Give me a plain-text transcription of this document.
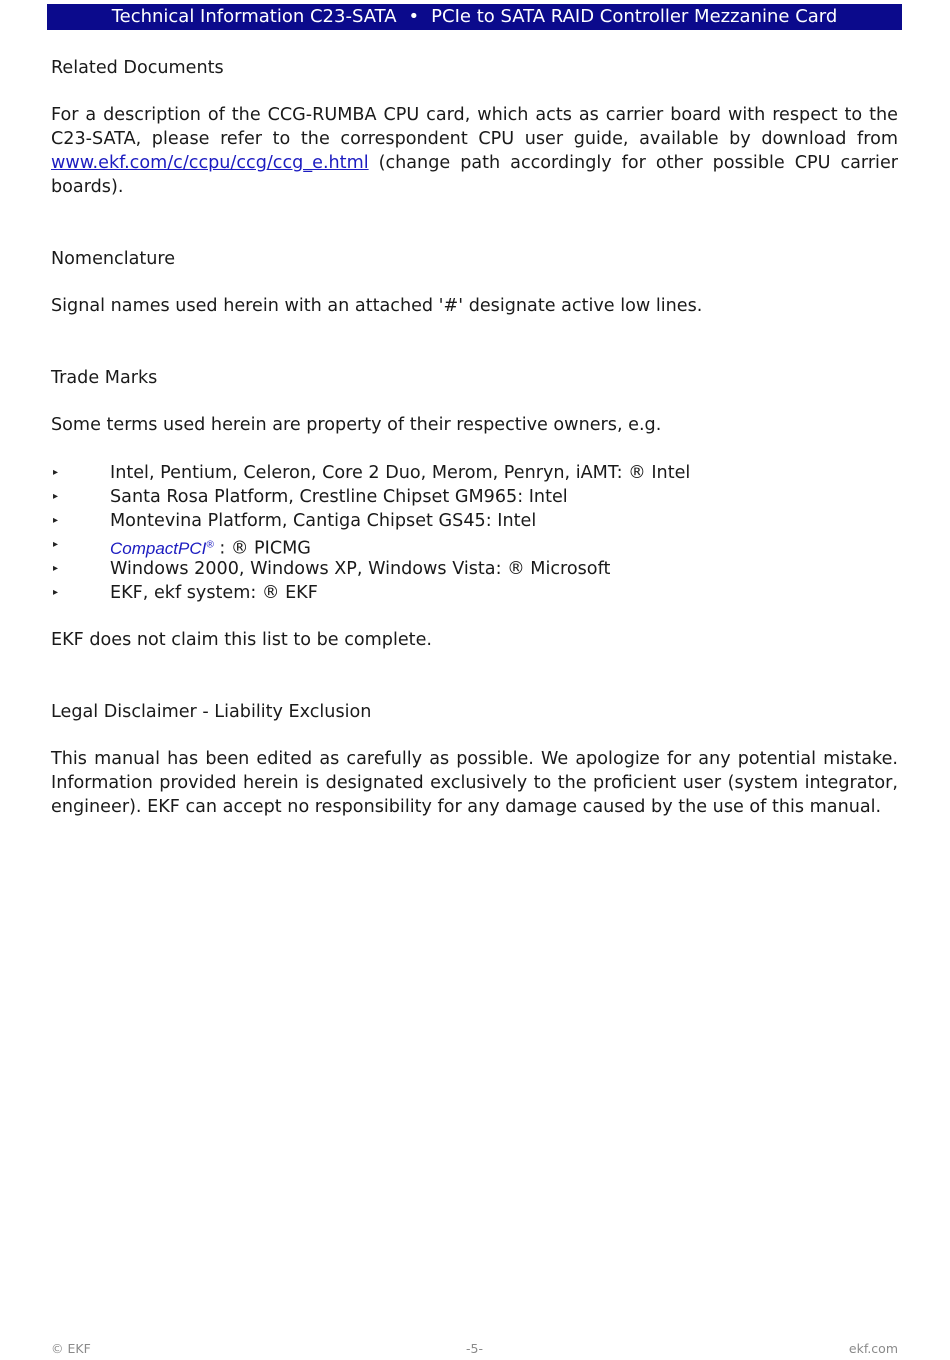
Technical Information C23-SATA • PCIe to SATA RAID Controller Mezzanine Card
Related Documents

For a description of the CCG-RUMBA CPU card, which acts as carrier board with respect to the C23-SATA, please refer to the correspondent CPU user guide, available by download from www.ekf.com/c/ccpu/ccg/ccg_e.html (change path accordingly for other possible CPU carrier boards).

Nomenclature

Signal names used herein with an attached '#' designate active low lines.

Trade Marks

Some terms used herein are property of their respective owners, e.g.

▸	Intel, Pentium, Celeron, Core 2 Duo, Merom, Penryn, iAMT: ® Intel
▸	Santa Rosa Platform, Crestline Chipset GM965: Intel
▸	Montevina Platform, Cantiga Chipset GS45: Intel
▸	CompactPCI® : ® PICMG
▸	Windows 2000, Windows XP, Windows Vista: ® Microsoft
▸	EKF, ekf system: ® EKF

EKF does not claim this list to be complete.

Legal Disclaimer - Liability Exclusion

This manual has been edited as carefully as possible. We apologize for any potential mistake. Information provided herein is designated exclusively to the proficient user (system integrator, engineer). EKF can accept no responsibility for any damage caused by the use of this manual.

© EKF	-5-	ekf.com
